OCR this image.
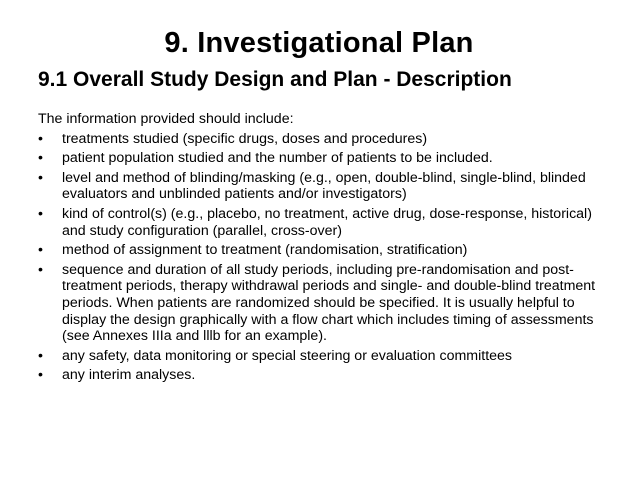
9. Investigational Plan
9.1 Overall Study Design and Plan - Description

The information provided should include:

•	treatments studied (specific drugs, doses and procedures)
•	patient population studied and the number of patients to be included.
•	level and method of blinding/masking (e.g., open, double-blind, single-blind, blinded evaluators and unblinded patients and/or investigators)
•	kind of control(s) (e.g., placebo, no treatment, active drug, dose-response, historical) and study configuration (parallel, cross-over)
•	method of assignment to treatment (randomisation, stratification)
•	sequence and duration of all study periods, including pre-randomisation and post-treatment periods, therapy withdrawal periods and single- and double-blind treatment periods. When patients are randomized should be specified. It is usually helpful to display the design graphically with a flow chart which includes timing of assessments (see Annexes IIIa and lllb for an example).
•	any safety, data monitoring or special steering or evaluation committees
•	any interim analyses.
